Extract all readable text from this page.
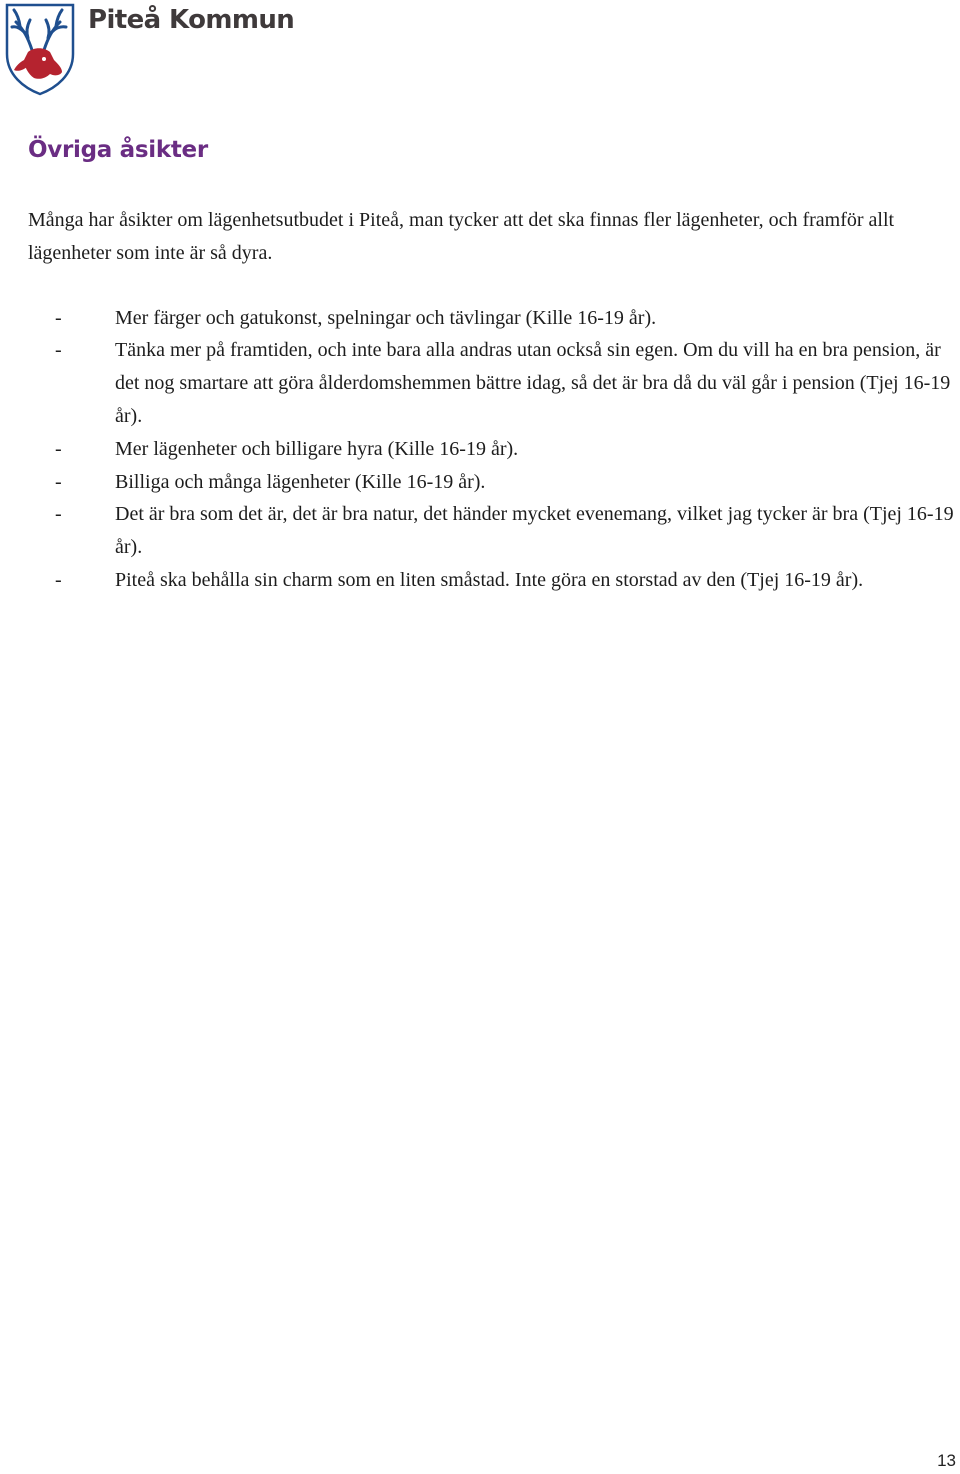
Piteå Kommun
Övriga åsikter

Många har åsikter om lägenhetsutbudet i Piteå, man tycker att det ska finnas fler lägenheter, och framför allt lägenheter som inte är så dyra.

-	Mer färger och gatukonst, spelningar och tävlingar (Kille 16-19 år).
-	Tänka mer på framtiden, och inte bara alla andras utan också sin egen. Om du vill ha en bra pension, är det nog smartare att göra ålderdomshemmen bättre idag, så det är bra då du väl går i pension (Tjej 16-19 år).
-	Mer lägenheter och billigare hyra (Kille 16-19 år).
-	Billiga och många lägenheter (Kille 16-19 år).
-	Det är bra som det är, det är bra natur, det händer mycket evenemang, vilket jag tycker är bra (Tjej 16-19 år).
-	Piteå ska behålla sin charm som en liten småstad. Inte göra en storstad av den (Tjej 16-19 år).
13
